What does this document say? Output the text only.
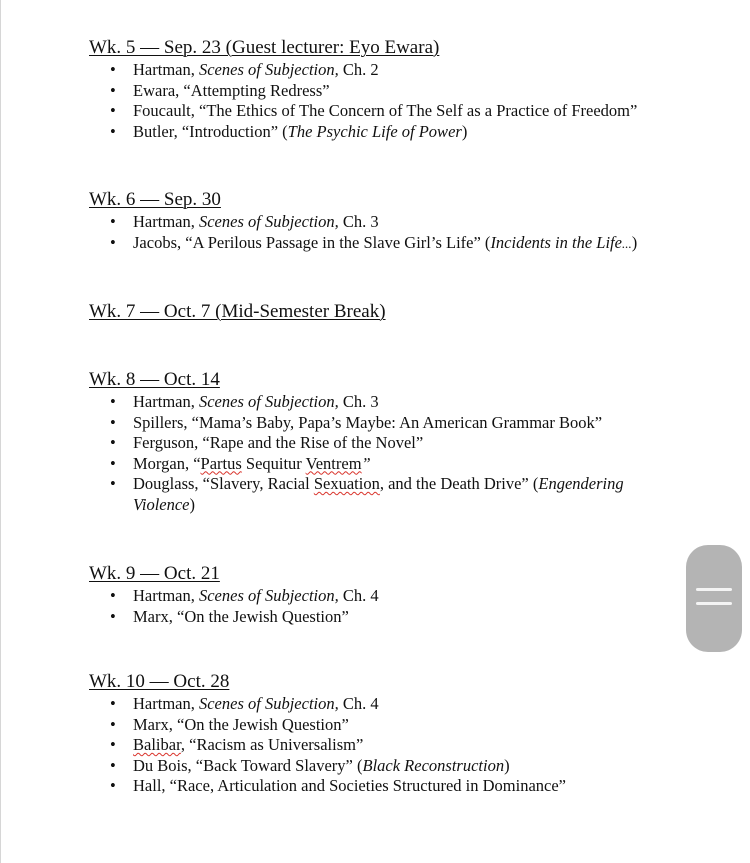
Wk. 5 — Sep. 23 (Guest lecturer: Eyo Ewara)
• Hartman, Scenes of Subjection, Ch. 2
• Ewara, “Attempting Redress”
• Foucault, “The Ethics of The Concern of The Self as a Practice of Freedom”
• Butler, “Introduction” (The Psychic Life of Power)
Wk. 6 — Sep. 30
• Hartman, Scenes of Subjection, Ch. 3
• Jacobs, “A Perilous Passage in the Slave Girl’s Life” (Incidents in the Life...)
Wk. 7 — Oct. 7 (Mid-Semester Break)
Wk. 8 — Oct. 14
• Hartman, Scenes of Subjection, Ch. 3
• Spillers, “Mama’s Baby, Papa’s Maybe: An American Grammar Book”
• Ferguson, “Rape and the Rise of the Novel”
• Morgan, “Partus Sequitur Ventrem”
• Douglass, “Slavery, Racial Sexuation, and the Death Drive” (Engendering Violence)
Wk. 9 — Oct. 21
• Hartman, Scenes of Subjection, Ch. 4
• Marx, “On the Jewish Question”
Wk. 10 — Oct. 28
• Hartman, Scenes of Subjection, Ch. 4
• Marx, “On the Jewish Question”
• Balibar, “Racism as Universalism”
• Du Bois, “Back Toward Slavery” (Black Reconstruction)
• Hall, “Race, Articulation and Societies Structured in Dominance”
